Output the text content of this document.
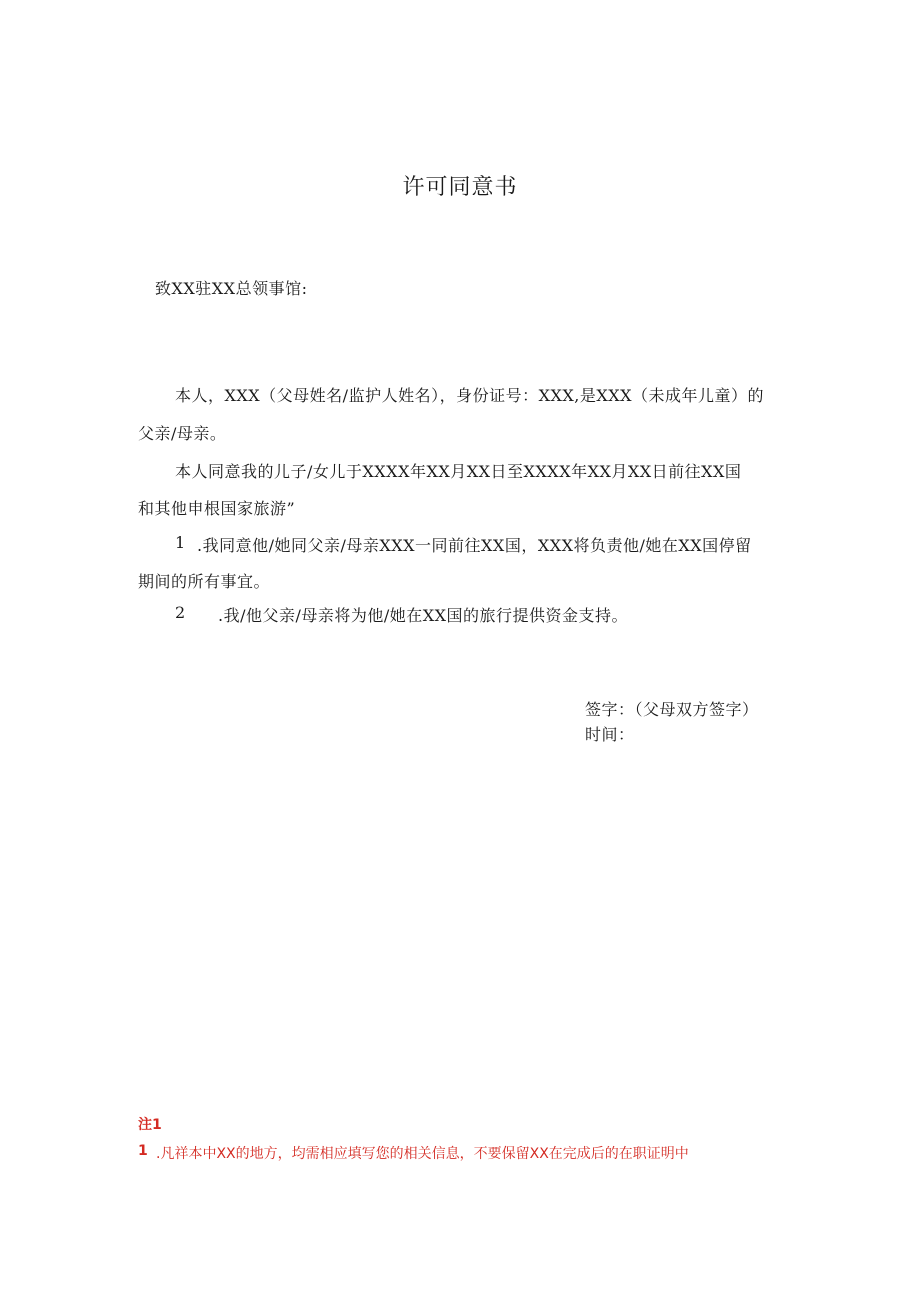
许可同意书
致XX驻XX总领事馆:
本人，XXX（父母姓名/监护人姓名），身份证号：XXX,是XXX（未成年儿童）的
父亲/母亲。
本人同意我的儿子/女儿于XXXX年XX月XX日至XXXX年XX月XX日前往XX国
和其他申根国家旅游”
1 .我同意他/她同父亲/母亲XXX一同前往XX国，XXX将负责他/她在XX国停留
期间的所有事宜。
2 .我/他父亲/母亲将为他/她在XX国的旅行提供资金支持。
签字：（父母双方签字）
时间：
注1
1 .凡祥本中XX的地方，均需相应填写您的相关信息，不要保留XX在完成后的在职证明中
